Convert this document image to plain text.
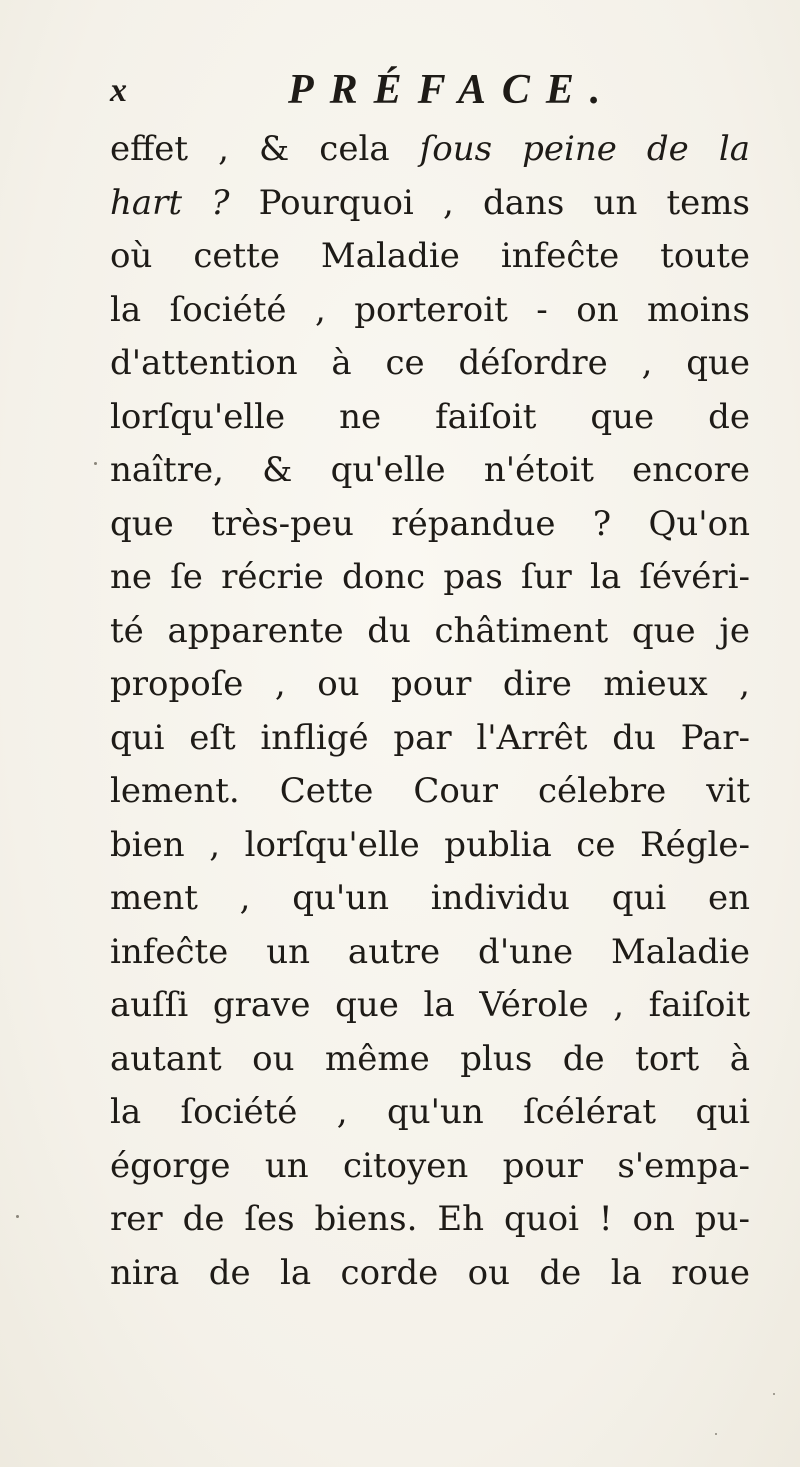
x	PRÉFACE.
effet , & cela ſous peine de la
hart ? Pourquoi , dans un tems
où cette Maladie infeĉte toute
la ſociété , porteroit - on moins
d'attention à ce déſordre , que
lorſqu'elle ne faiſoit que de
naître, & qu'elle n'étoit encore
que très-peu répandue ? Qu'on
ne ſe récrie donc pas ſur la ſévéri-
té apparente du châtiment que je
propoſe , ou pour dire mieux ,
qui eſt infligé par l'Arrêt du Par-
lement. Cette Cour célebre vit
bien , lorſqu'elle publia ce Régle-
ment , qu'un individu qui en
infeĉte un autre d'une Maladie
auſſi grave que la Vérole , faiſoit
autant ou même plus de tort à
la ſociété , qu'un ſcélérat qui
égorge un citoyen pour s'empa-
rer de ſes biens. Eh quoi ! on pu-
nira de la corde ou de la roue
